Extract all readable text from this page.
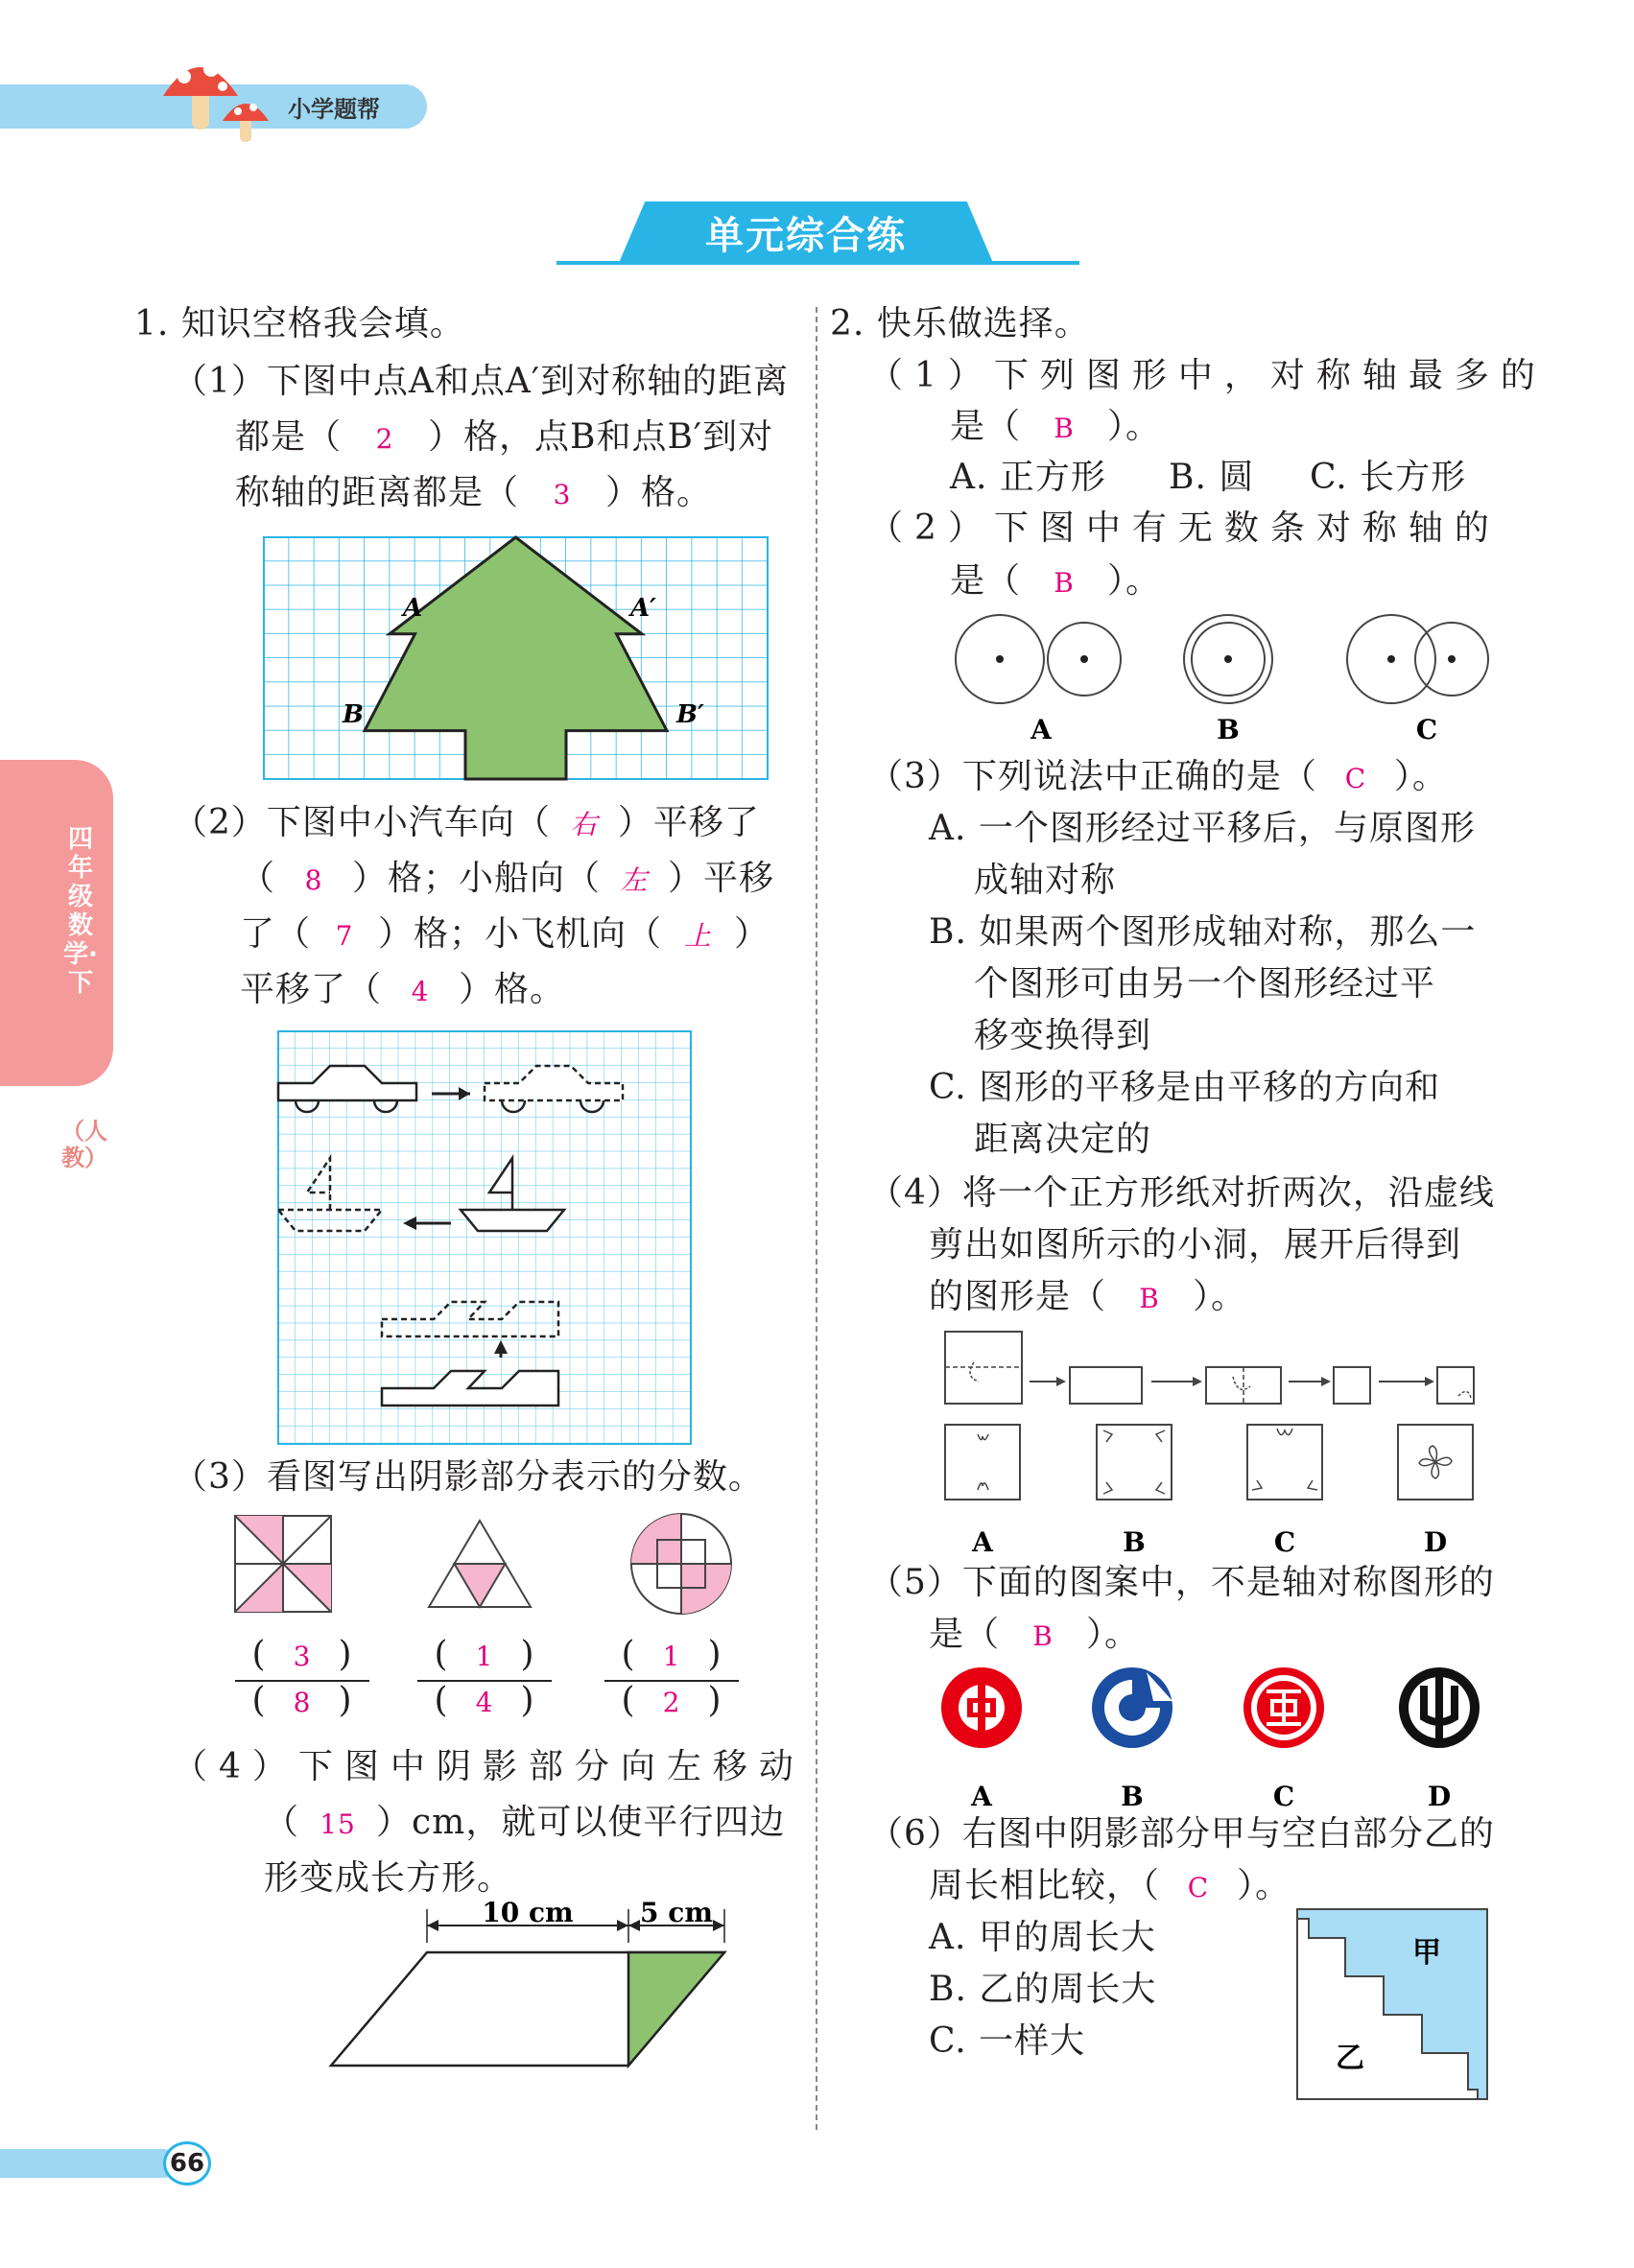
小学题帮
单元综合练
四年级数学·下
（人教）
1. 知识空格我会填。
（1）下图中点A和点A′到对称轴的距离
都是（ 2 ）格，点B和点B′到对
称轴的距离都是（ 3 ）格。
A	A′
B	B′
（2）下图中小汽车向（ 右 ）平移了
（ 8 ）格；小船向（ 左 ）平移
了（ 7 ）格；小飞机向（ 上 ）
平移了（ 4 ）格。
（3）看图写出阴影部分表示的分数。
( 3 )
( 8 )
( 1 )
( 4 )
( 1 )
( 2 )
（4）下图中阴影部分向左移动
（ 15 ）cm，就可以使平行四边
形变成长方形。
10 cm 5 cm
2. 快乐做选择。
（1）下列图形中，对称轴最多的
是（ B ）。
A. 正方形 B. 圆 C. 长方形
（2）下图中有无数条对称轴的
是（ B ）。
A	B	C
（3）下列说法中正确的是（ C ）。
A. 一个图形经过平移后，与原图形
成轴对称
B. 如果两个图形成轴对称，那么一
个图形可由另一个图形经过平
移变换得到
C. 图形的平移是由平移的方向和
距离决定的
（4）将一个正方形纸对折两次，沿虚线
剪出如图所示的小洞，展开后得到
的图形是（ B ）。
A	B	C	D
（5）下面的图案中，不是轴对称图形的
是（ B ）。
A	B	C	D
（6）右图中阴影部分甲与空白部分乙的
周长相比较，（ C ）。
A. 甲的周长大
B. 乙的周长大
C. 一样大
甲
乙
66
